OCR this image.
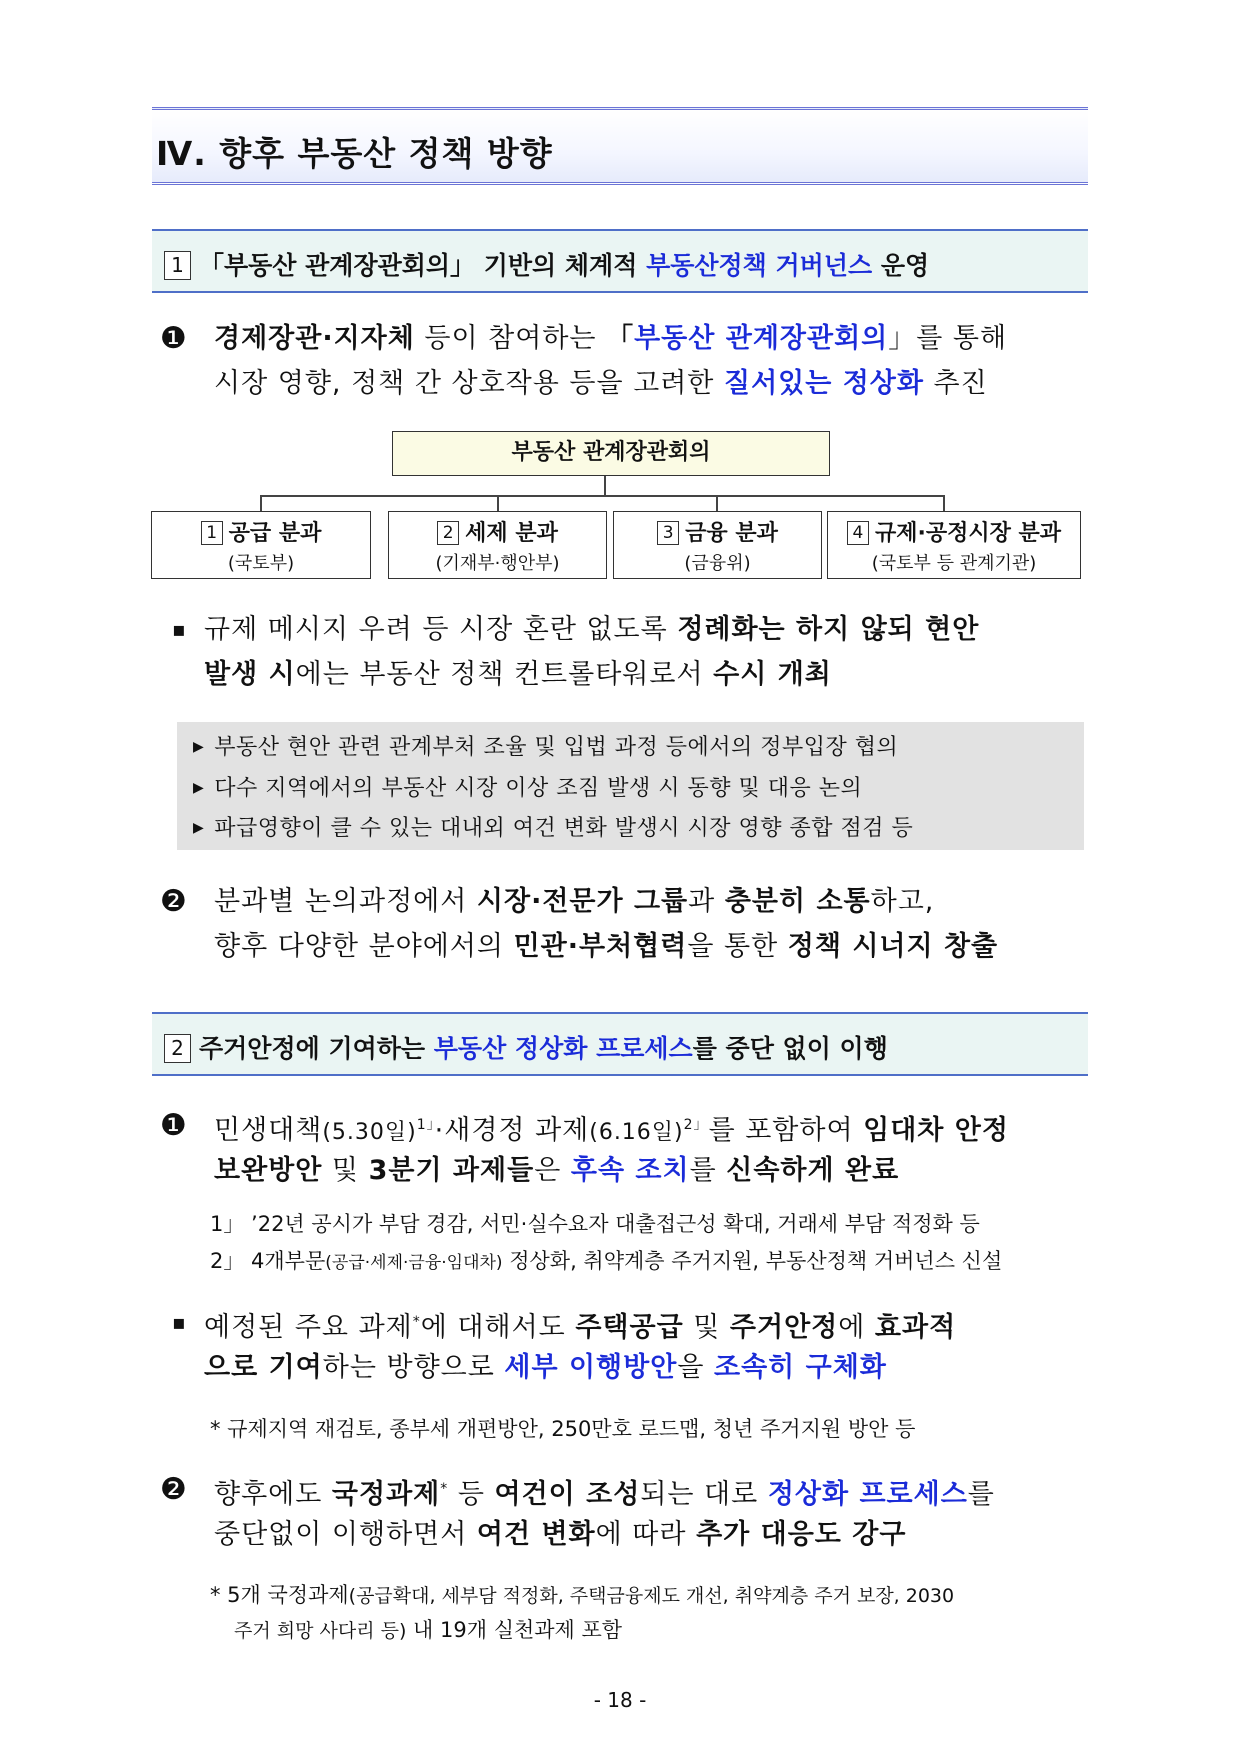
Ⅳ. 향후 부동산 정책 방향
1 「부동산 관계장관회의」 기반의 체계적 부동산정책 거버넌스 운영
❶ 경제장관·지자체 등이 참여하는 「부동산 관계장관회의」를 통해
시장 영향, 정책 간 상호작용 등을 고려한 질서있는 정상화 추진
부동산 관계장관회의
1 공급 분과
(국토부)
2 세제 분과
(기재부·행안부)
3 금융 분과
(금융위)
4 규제·공정시장 분과
(국토부 등 관계기관)
▪ 규제 메시지 우려 등 시장 혼란 없도록 정례화는 하지 않되 현안
발생 시에는 부동산 정책 컨트롤타워로서 수시 개최
▶ 부동산 현안 관련 관계부처 조율 및 입법 과정 등에서의 정부입장 협의
▶ 다수 지역에서의 부동산 시장 이상 조짐 발생 시 동향 및 대응 논의
▶ 파급영향이 클 수 있는 대내외 여건 변화 발생시 시장 영향 종합 점검 등
❷ 분과별 논의과정에서 시장·전문가 그룹과 충분히 소통하고,
향후 다양한 분야에서의 민관·부처협력을 통한 정책 시너지 창출
2 주거안정에 기여하는 부동산 정상화 프로세스를 중단 없이 이행
❶ 민생대책(5.30일)$^{1」}$·새경정 과제(6.16일)$^{2」}$를 포함하여 임대차 안정
보완방안 및 3분기 과제들은 후속 조치를 신속하게 완료
1」 ’22년 공시가 부담 경감, 서민·실수요자 대출접근성 확대, 거래세 부담 적정화 등
2」 4개부문(공급·세제·금융·임대차) 정상화, 취약계층 주거지원, 부동산정책 거버넌스 신설
▪ 예정된 주요 과제*에 대해서도 주택공급 및 주거안정에 효과적
으로 기여하는 방향으로 세부 이행방안을 조속히 구체화
* 규제지역 재검토, 종부세 개편방안, 250만호 로드맵, 청년 주거지원 방안 등
❷ 향후에도 국정과제* 등 여건이 조성되는 대로 정상화 프로세스를
중단없이 이행하면서 여건 변화에 따라 추가 대응도 강구
* 5개 국정과제(공급확대, 세부담 적정화, 주택금융제도 개선, 취약계층 주거 보장, 2030
주거 희망 사다리 등) 내 19개 실천과제 포함
- 18 -
